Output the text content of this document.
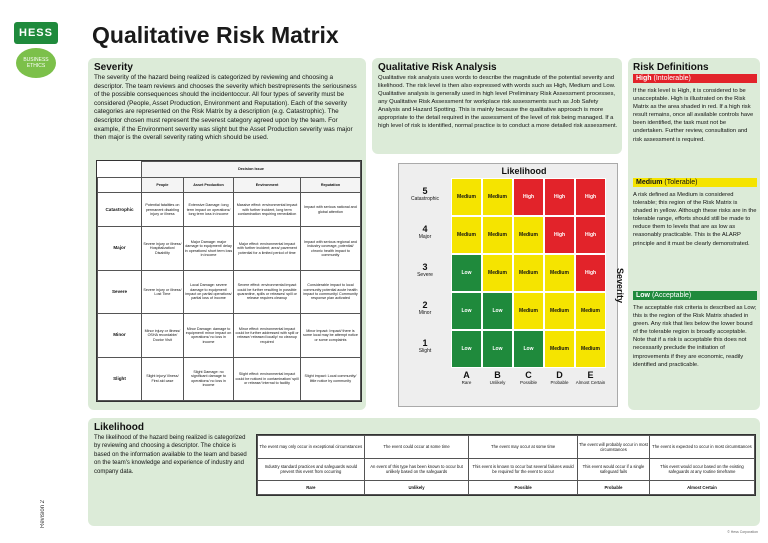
HESS
BUSINESS ETHICS
Qualitative Risk Matrix
Revision 2
Severity
The severity of the hazard being realized is categorized by reviewing and choosing a descriptor. The team reviews and chooses the severity which bestrepresents the seriousness of the possible consequences should the incidentoccur. All four types of severity must be considered (People, Asset Production, Environment and Reputation). Each of the severity categories are represented on the Risk Matrix by a description (e.g. Catastrophic). The descriptor chosen must represent the severest category agreed upon by the team. For example, if the Environment severity was slight but the Asset Production severity was major then major is the overall severity rating which should be used.
	Decision Issue			
	People	Asset Production	Environment	Reputation
Catastrophic	Potential fatalities on permanent disabling injury or illness	Extensive Damage: long term impact on operations/ long term loss in income	Massive effect: environmental impact with further incident, long term contamination requiring remediation	Impact with serious national and global attention
Major	Severe injury or illness/ Hospitalization/ Disability	Major Damage: major damage to equipment/ delay in operations/ short term loss in income	Major effect: environmental impact with further incident; area/ pavement potential for a limited period of time	Impact with serious regional and industry coverage, potential/ chronic health impact to community
Severe	Severe injury or illness/ Lost Time	Local Damage: severe damage to equipment/ impact on partial operations/ partial loss of income	Severe effect: environmental impact could be further resulting in possible quarantine, spills or releases/ spill or release requires cleanup	Considerable impact to local community potential acute health impact to community/ Community response plan activated
Minor	Minor injury or illness/ OSHA recordable/ Doctor Visit	Minor Damage: damage to equipment/ minor impact on operations/ no loss in income	Minor effect: environmental impact could be further addressed with spill or release/ released locally/ no cleanup required	Minor impact: Impact/ there is some local may be attempt notice or some complaints
Slight	Slight injury/ illness/ First aid case	Slight Damage: no significant damage to operations/ no loss in income	Slight effect: environmental impact could be noticed in contamination/ spill or release/ internal to facility	Slight impact: Local community/ little notice by community
Qualitative Risk Analysis
Qualitative risk analysis uses words to describe the magnitude of the potential severity and likelihood. The risk level is then also expressed with words such as High, Medium and Low. Qualitative analysis is generally used in high level Preliminary Risk Assessment processes, any Qualitative Risk Assessment for workplace risk assessments such as Job Safety Analysis and Hazard Spotting. This is mainly because the qualitative approach is more appropriate to the detail required in the assessment of the level of risk being managed. If a high level of risk is identified, normal practice is to conduct a more detailed risk assessment.
Likelihood
Severity
5
Catastrophic	Medium	Medium	High	High	High
4
Major	Medium	Medium	Medium	High	High
3
Severe	Low	Medium	Medium	Medium	High
2
Minor	Low	Low	Medium	Medium	Medium
1
Slight	Low	Low	Low	Medium	Medium
A
Rare
B
Unlikely
C
Possible
D
Probable
E
Almost Certain
Risk Definitions
High (Intolerable)
If the risk level is High, it is considered to be unacceptable. High is illustrated on the Risk Matrix as the area shaded in red. If a high risk result remains, once all available controls have been identified, the task must not be undertaken. Further review, consultation and risk assessment is required.
Medium (Tolerable)
A risk defined as Medium is considered tolerable; this region of the Risk Matrix is shaded in yellow. Although these risks are in the tolerable range, efforts should still be made to reduce them to levels that are as low as reasonably practicable. This is the ALARP principle and it must be clearly demonstrated.
Low (Acceptable)
The acceptable risk criteria is described as Low; this is the region of the Risk Matrix shaded in green. Any risk that lies below the lower bound of the tolerable region is broadly acceptable. Note that if a risk is acceptable this does not necessarily preclude the initiation of improvements if they are economic, readily identified and practicable.
Likelihood
The likelihood of the hazard being realized is categorized by reviewing and choosing a descriptor. The choice is based on the information available to the team and based on the team's knowledge and experience of industry and company data.
The event may only occur in exceptional circumstances	The event could occur at some time	The event may occur at some time	The event will probably occur in most circumstances	The event is expected to occur in most circumstances
Industry standard practices and safeguards would prevent this event from occurring	An event of this type has been known to occur but unlikely based on the safeguards	This event is known to occur but several failures would be required for the event to occur	This event would occur if a single safeguard fails	This event would occur based on the existing safeguards at any routine timeframe
Rare	Unlikely	Possible	Probable	Almost Certain
© Hess Corporation
